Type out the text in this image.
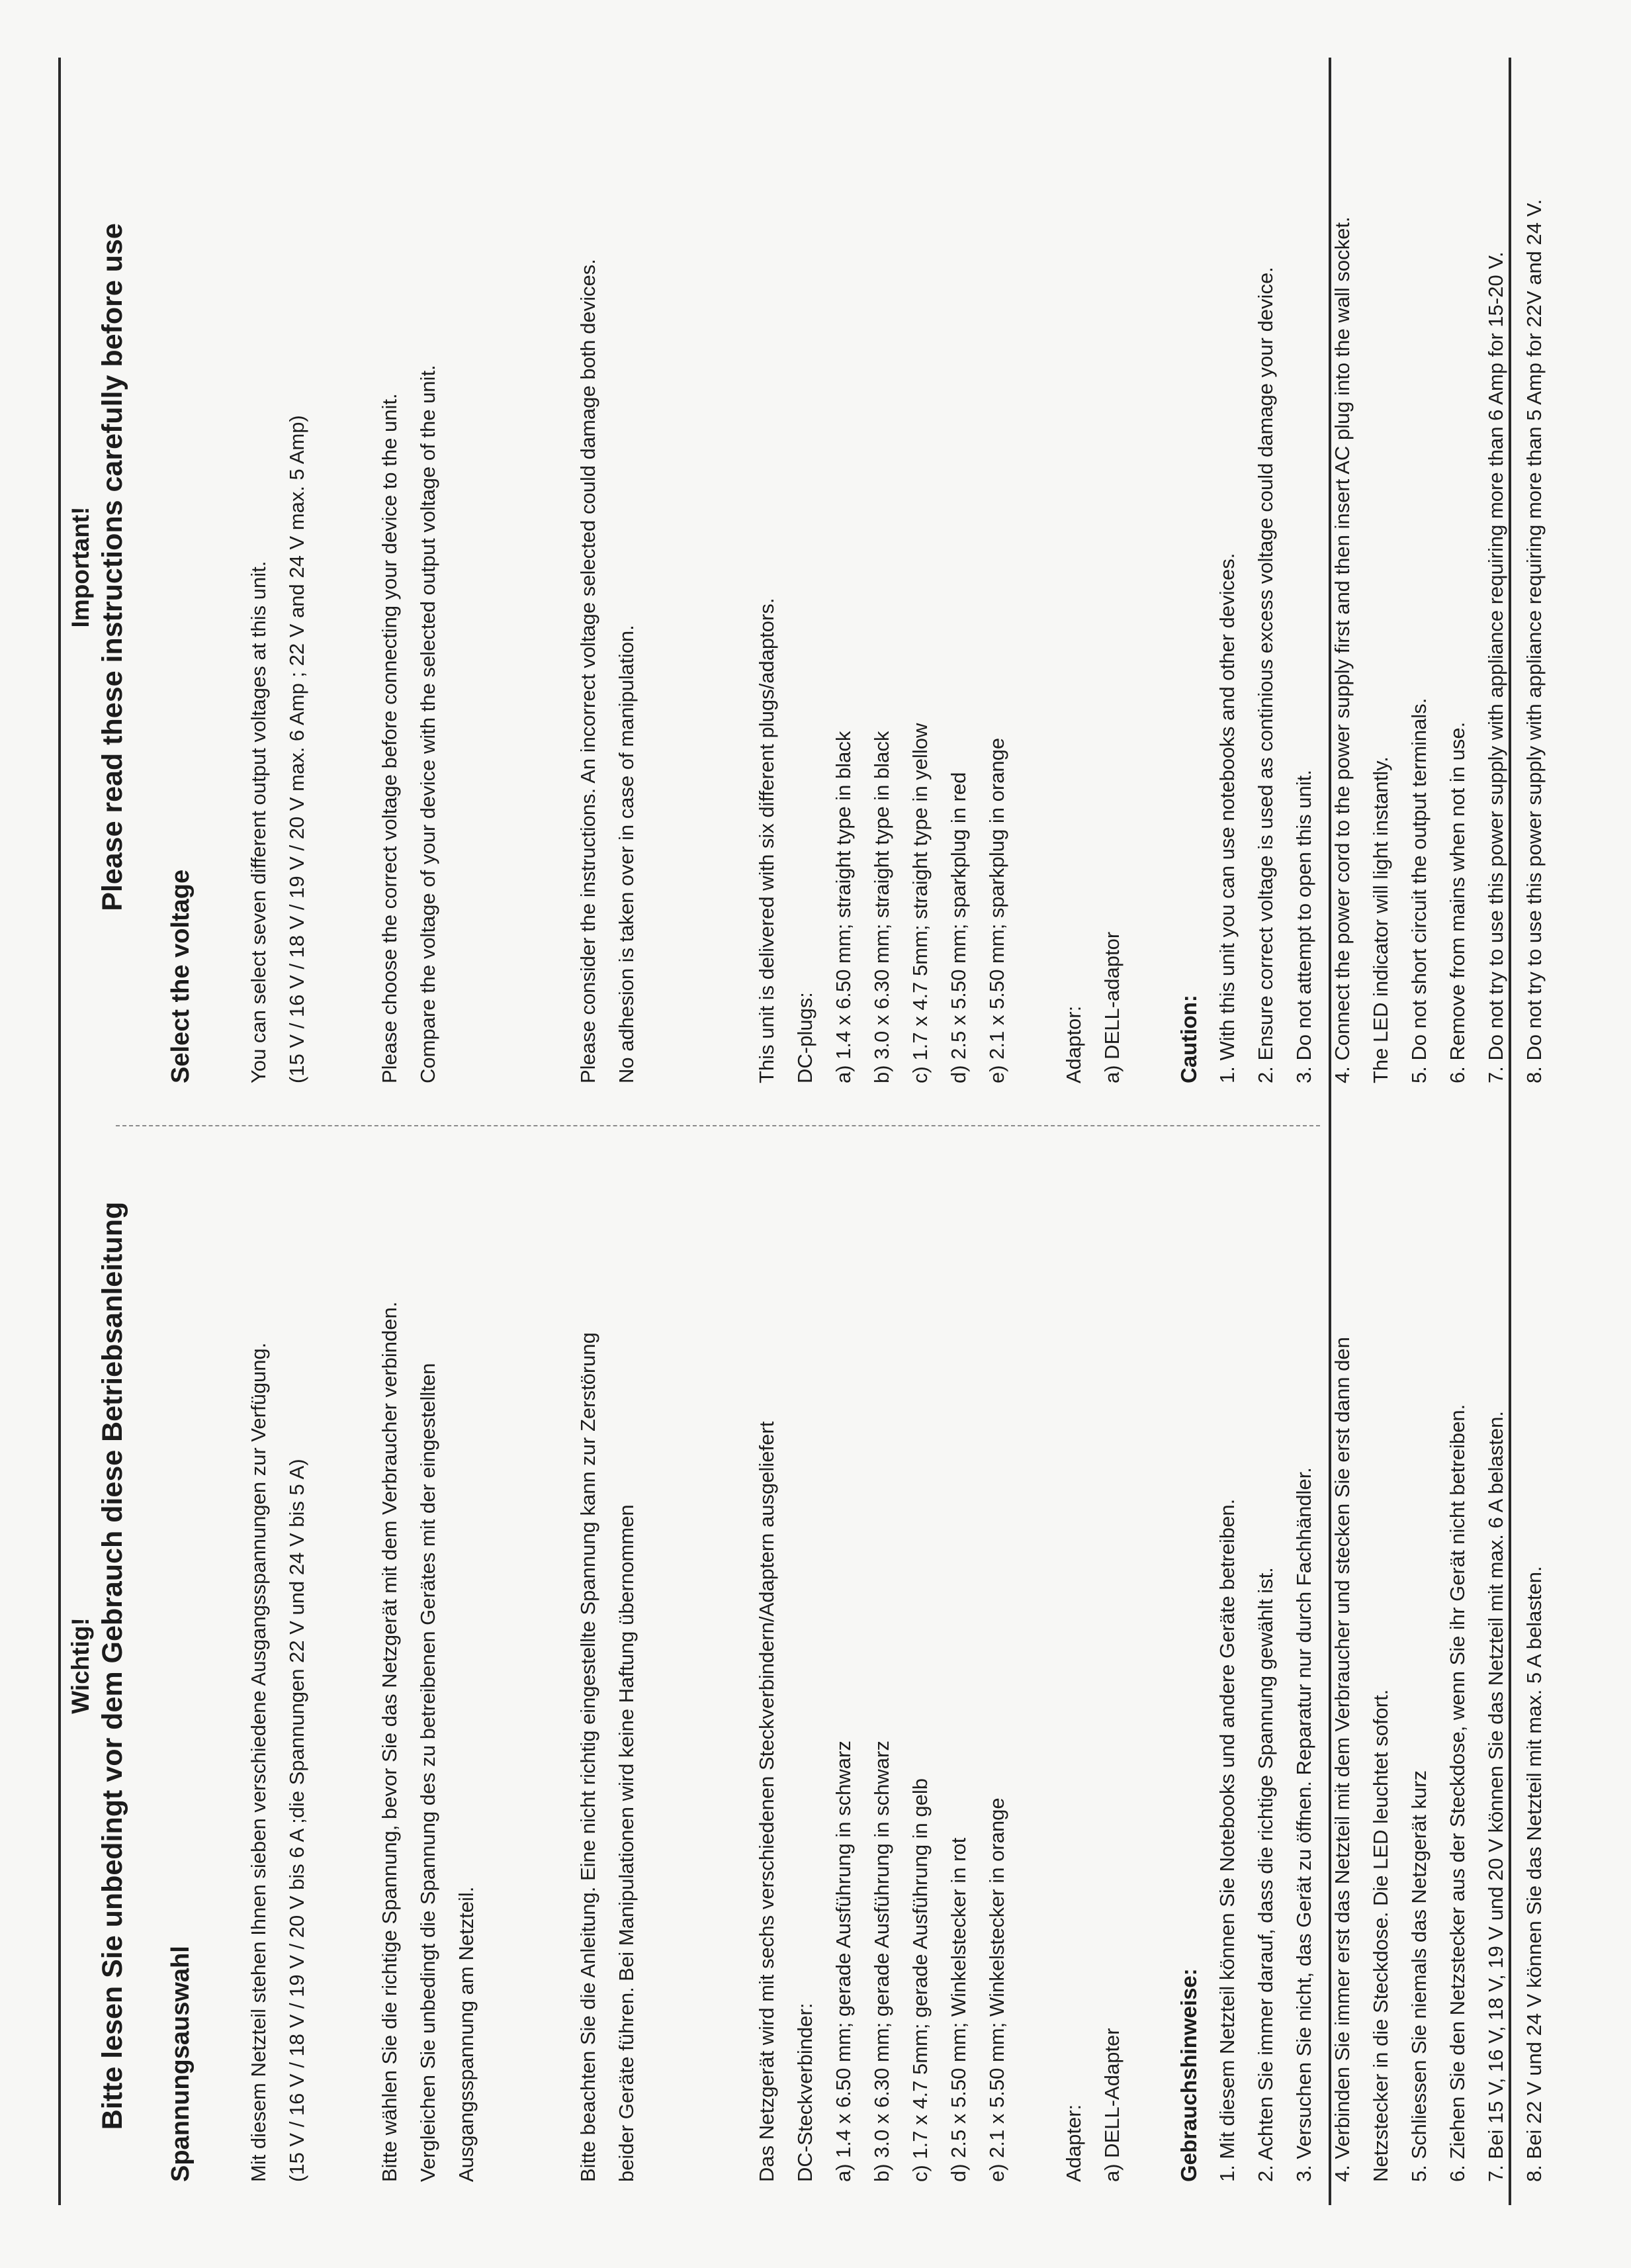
Wichtig! Bitte lesen Sie unbedingt vor dem Gebrauch diese Betriebsanleitung Spannungsauswahl	Mit diesem Netzteil stehen Ihnen sieben verschiedene Ausgangsspannungen zur Verfügung. (15 V / 16 V / 18 V / 19 V / 20 V bis 6 A ;die Spannungen 22 V und 24 V bis 5 A)	Bitte wählen Sie die richtige Spannung, bevor Sie das Netzgerät mit dem Verbraucher verbinden. Vergleichen Sie unbedingt die Spannung des zu betreibenen Gerätes mit der eingestellten Ausgangsspannung am Netzteil.	Bitte beachten Sie die Anleitung. Eine nicht richtig eingestellte Spannung kann zur Zerstörung beider Geräte führen. Bei Manipulationen wird keine Haftung übernommen	Das Netzgerät wird mit sechs verschiedenen Steckverbindern/Adaptern ausgeliefert DC-Steckverbinder: a) 1.4 x 6.50 mm; gerade Ausführung in schwarz b) 3.0 x 6.30 mm; gerade Ausführung in schwarz c) 1.7 x 4.7 5mm; gerade Ausführung in gelb d) 2.5 x 5.50 mm; Winkelstecker in rot e) 2.1 x 5.50 mm; Winkelstecker in orange	Adapter: a) DELL-Adapter	Gebrauchshinweise: 1. Mit diesem Netzteil können Sie Notebooks und andere Geräte betreiben. 2. Achten Sie immer darauf, dass die richtige Spannung gewählt ist. 3. Versuchen Sie nicht, das Gerät zu öffnen. Reparatur nur durch Fachhändler. 4. Verbinden Sie immer erst das Netzteil mit dem Verbraucher und stecken Sie erst dann den Netzstecker in die Steckdose. Die LED leuchtet sofort. 5. Schliessen Sie niemals das Netzgerät kurz 6. Ziehen Sie den Netzstecker aus der Steckdose, wenn Sie ihr Gerät nicht betreiben. 7. Bei 15 V, 16 V, 18 V, 19 V und 20 V können Sie das Netzteil mit max. 6 A belasten. 8. Bei 22 V und 24 V können Sie das Netzteil mit max. 5 A belasten.

Important! Please read these instructions carefully before use
Select the voltage	You can select seven different output voltages at this unit. (15 V / 16 V / 18 V / 19 V / 20 V max. 6 Amp ; 22 V and 24 V max. 5 Amp)	Please choose the correct voltage before connecting your device to the unit. Compare the voltage of your device with the selected output voltage of the unit.	Please consider the instructions. An incorrect voltage selected could damage both devices. No adhesion is taken over in case of manipulation.	This unit is delivered with six different plugs/adaptors. DC-plugs: a) 1.4 x 6.50 mm; straight type in black b) 3.0 x 6.30 mm; straight type in black c) 1.7 x 4.7 5mm; straight type in yellow d) 2.5 x 5.50 mm; sparkplug in red e) 2.1 x 5.50 mm; sparkplug in orange	Adaptor: a) DELL-adaptor	Caution: 1. With this unit you can use notebooks and other devices. 2. Ensure correct voltage is used as continious excess voltage could damage your device. 3. Do not attempt to open this unit. 4. Connect the power cord to the power supply first and then insert AC plug into the wall socket. The LED indicator will light instantly. 5. Do not short circuit the output terminals. 6. Remove from mains when not in use. 7. Do not try to use this power supply with appliance requiring more than 6 Amp for 15-20 V. 8. Do not try to use this power supply with appliance requiring more than 5 Amp for 22V and 24 V.
